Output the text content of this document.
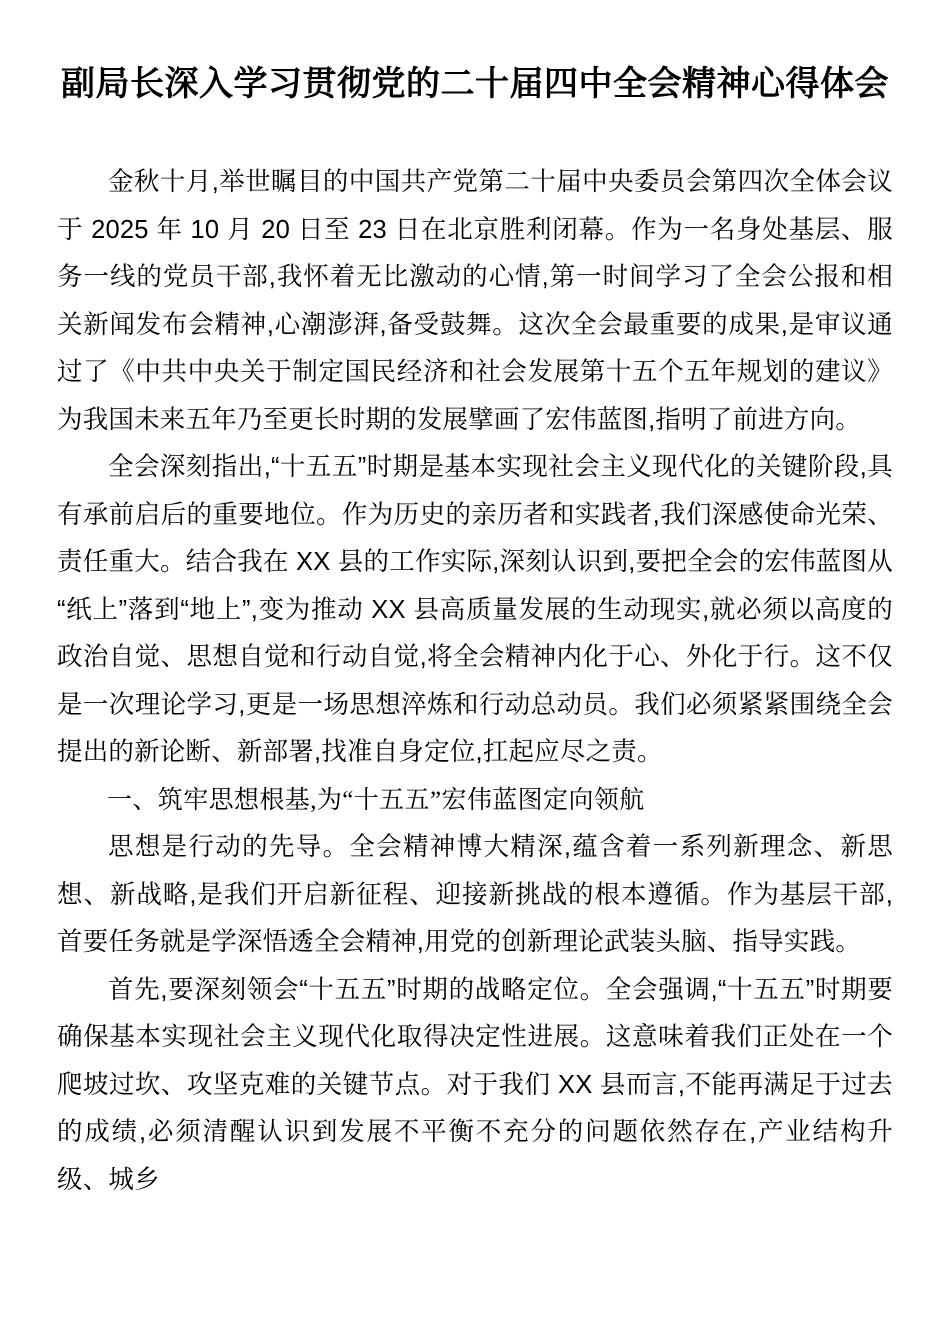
副局长深入学习贯彻党的二十届四中全会精神心得体会

金秋十月,举世瞩目的中国共产党第二十届中央委员会第四次全体会议于 2025 年 10 月 20 日至 23 日在北京胜利闭幕。作为一名身处基层、服务一线的党员干部,我怀着无比激动的心情,第一时间学习了全会公报和相关新闻发布会精神,心潮澎湃,备受鼓舞。这次全会最重要的成果,是审议通过了《中共中央关于制定国民经济和社会发展第十五个五年规划的建议》为我国未来五年乃至更长时期的发展擘画了宏伟蓝图,指明了前进方向。

全会深刻指出,“十五五”时期是基本实现社会主义现代化的关键阶段,具有承前启后的重要地位。作为历史的亲历者和实践者,我们深感使命光荣、责任重大。结合我在 XX 县的工作实际,深刻认识到,要把全会的宏伟蓝图从“纸上”落到“地上”,变为推动 XX 县高质量发展的生动现实,就必须以高度的政治自觉、思想自觉和行动自觉,将全会精神内化于心、外化于行。这不仅是一次理论学习,更是一场思想淬炼和行动总动员。我们必须紧紧围绕全会提出的新论断、新部署,找准自身定位,扛起应尽之责。

一、筑牢思想根基,为“十五五”宏伟蓝图定向领航

思想是行动的先导。全会精神博大精深,蕴含着一系列新理念、新思想、新战略,是我们开启新征程、迎接新挑战的根本遵循。作为基层干部,首要任务就是学深悟透全会精神,用党的创新理论武装头脑、指导实践。

首先,要深刻领会“十五五”时期的战略定位。全会强调,“十五五”时期要确保基本实现社会主义现代化取得决定性进展。这意味着我们正处在一个爬坡过坎、攻坚克难的关键节点。对于我们 XX 县而言,不能再满足于过去的成绩,必须清醒认识到发展不平衡不充分的问题依然存在,产业结构升级、城乡
